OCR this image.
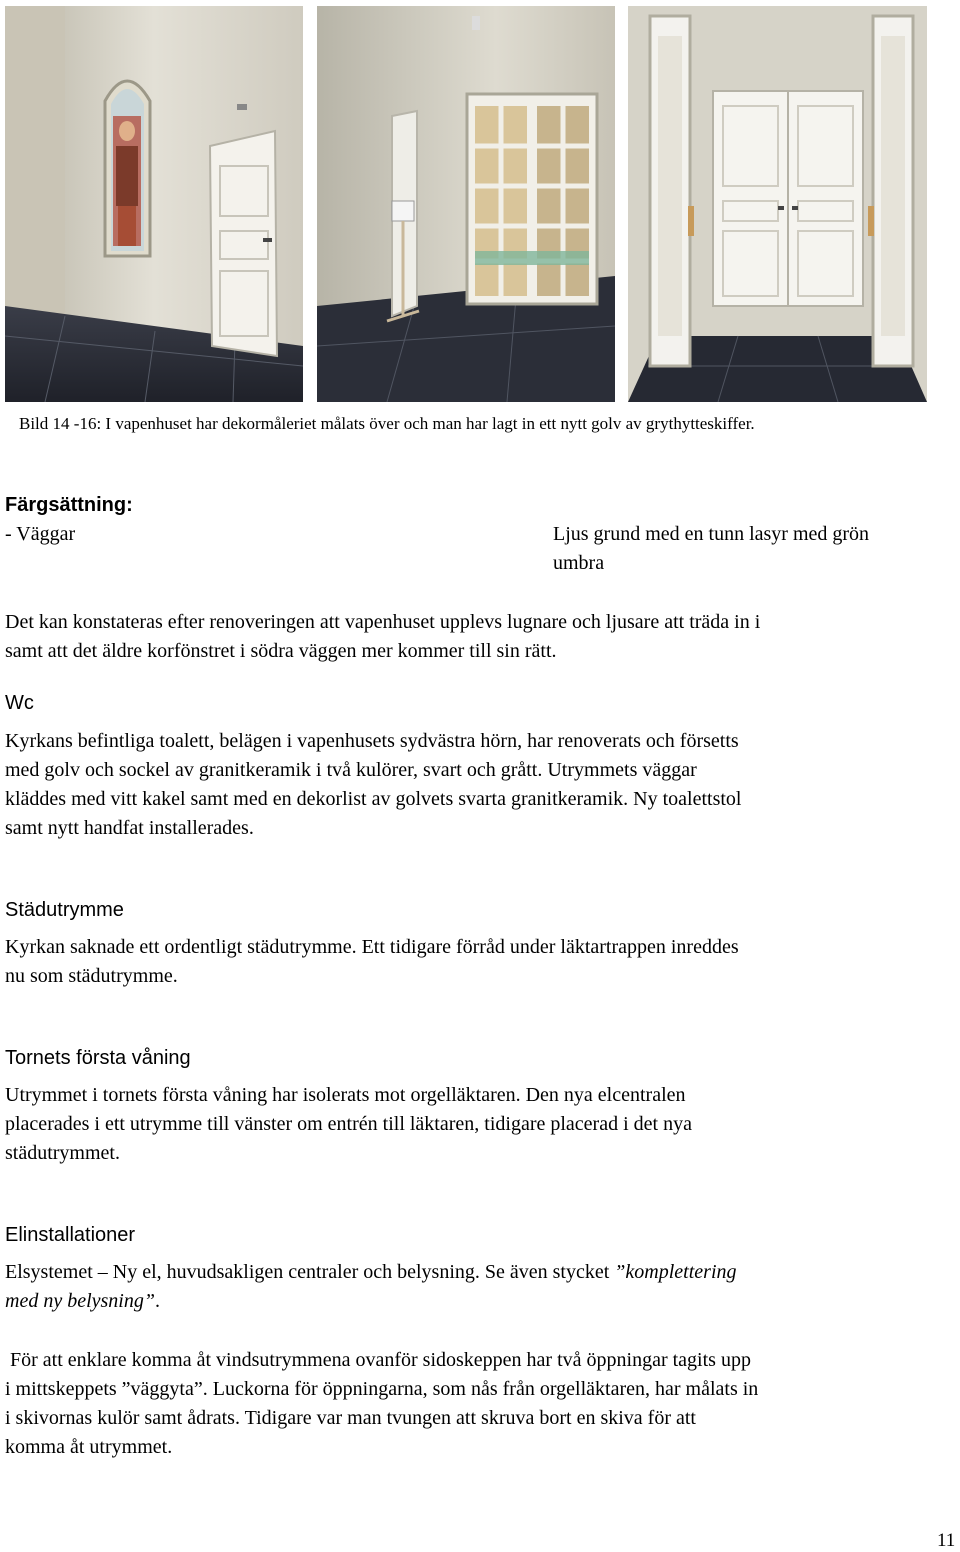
Bild 14 -16: I vapenhuset har dekormåleriet målats över och man har lagt in ett nytt golv av grythytteskiffer.
Färgsättning:
- Väggar	Ljus grund med en tunn lasyr med grön
umbra
Det kan konstateras efter renoveringen att vapenhuset upplevs lugnare och ljusare att träda in i
samt att det äldre korfönstret i södra väggen mer kommer till sin rätt.
Wc
Kyrkans befintliga toalett, belägen i vapenhusets sydvästra hörn, har renoverats och försetts
med golv och sockel av granitkeramik i två kulörer, svart och grått. Utrymmets väggar
kläddes med vitt kakel samt med en dekorlist av golvets svarta granitkeramik. Ny toalettstol
samt nytt handfat installerades.
Städutrymme
Kyrkan saknade ett ordentligt städutrymme. Ett tidigare förråd under läktartrappen inreddes
nu som städutrymme.
Tornets första våning
Utrymmet i tornets första våning har isolerats mot orgelläktaren. Den nya elcentralen
placerades i ett utrymme till vänster om entrén till läktaren, tidigare placerad i det nya
städutrymmet.
Elinstallationer
Elsystemet – Ny el, huvudsakligen centraler och belysning. Se även stycket ”komplettering
med ny belysning”.
För att enklare komma åt vindsutrymmena ovanför sidoskeppen har två öppningar tagits upp
i mittskeppets ”väggyta”. Luckorna för öppningarna, som nås från orgelläktaren, har målats in
i skivornas kulör samt ådrats. Tidigare var man tvungen att skruva bort en skiva för att
komma åt utrymmet.
11
